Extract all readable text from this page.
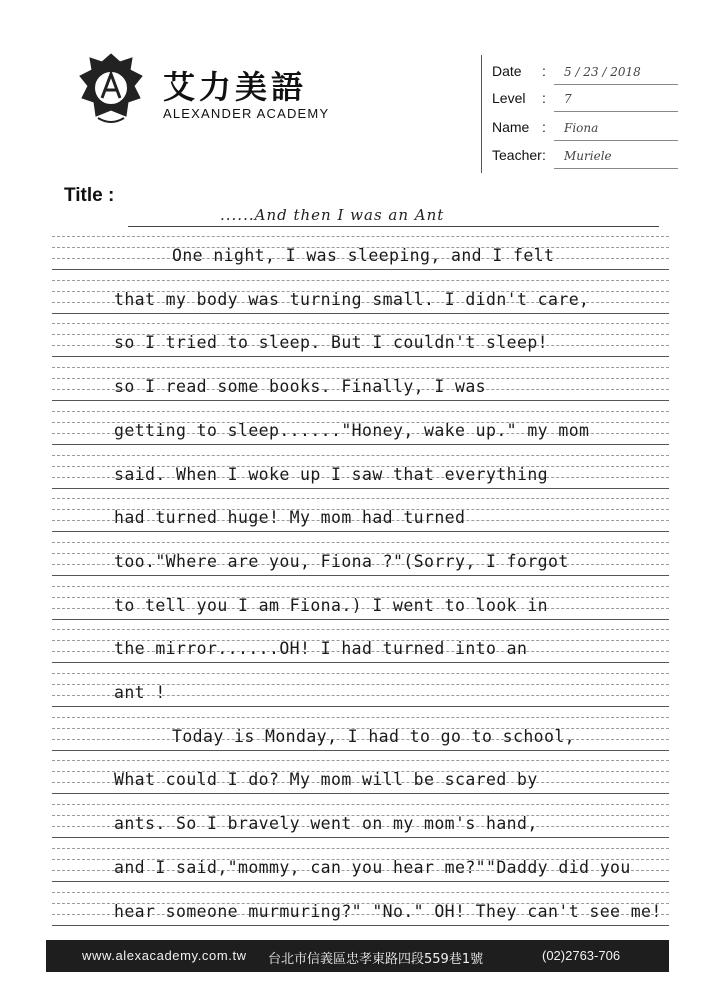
艾力美語
ALEXANDER ACADEMY
Date : 5 / 23 / 2018
Level : 7
Name : Fiona
Teacher : Muriele
Title :
......And then I was an Ant
One night, I was sleeping, and I felt
that my body was turning small. I didn't care,
so I tried to sleep. But I couldn't sleep!
so I read some books. Finally, I was
getting to sleep......"Honey, wake up." my mom
said. When I woke up I saw that everything
had turned huge! My mom had turned
too."Where are you, Fiona ?"(Sorry, I forgot
to tell you I am Fiona.) I went to look in
the mirror......OH! I had turned into an
ant !
Today is Monday, I had to go to school,
What could I do? My mom will be scared by
ants. So I bravely went on my mom's hand,
and I said,"mommy, can you hear me?""Daddy did you
hear someone murmuring?" "No." OH! They can't see me!
www.alexacademy.com.tw 台北市信義區忠孝東路四段559巷1號	(02)2763-706
